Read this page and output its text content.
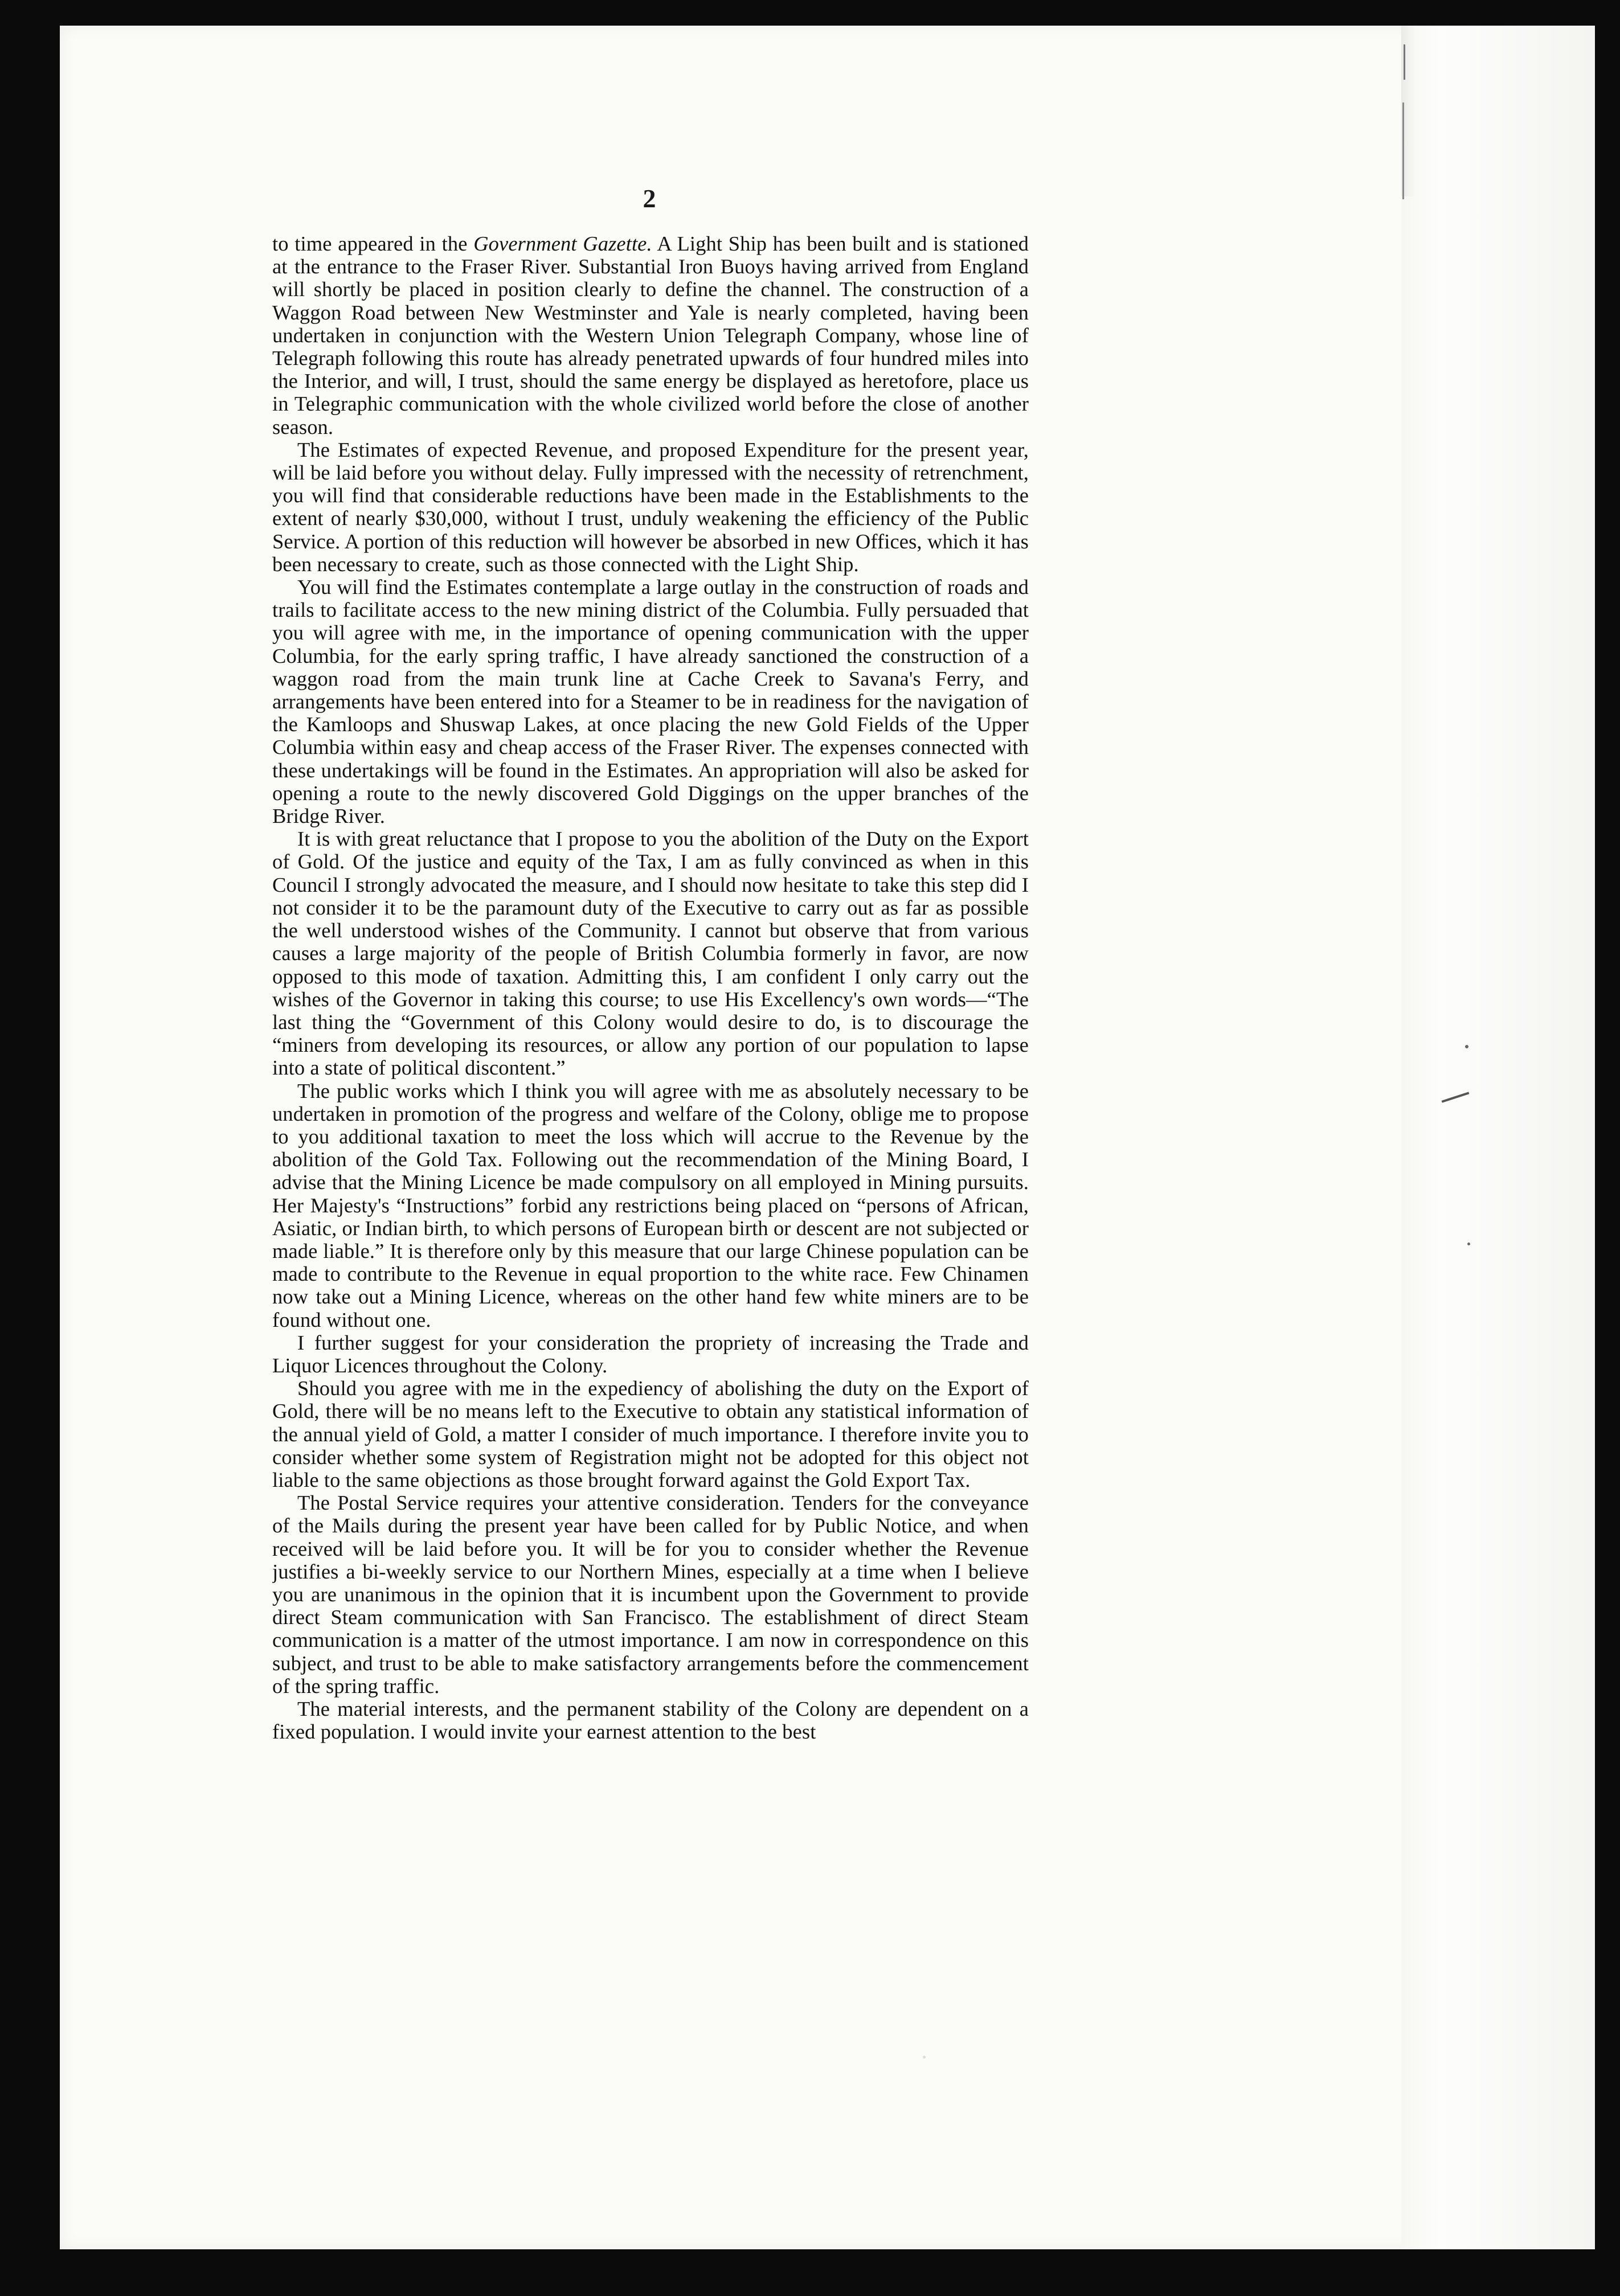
2

to time appeared in the Government Gazette. A Light Ship has been built and is stationed at the entrance to the Fraser River. Substantial Iron Buoys having arrived from England will shortly be placed in position clearly to define the channel. The construction of a Waggon Road between New Westminster and Yale is nearly completed, having been undertaken in conjunction with the Western Union Telegraph Company, whose line of Telegraph following this route has already penetrated upwards of four hundred miles into the Interior, and will, I trust, should the same energy be displayed as heretofore, place us in Telegraphic communication with the whole civilized world before the close of another season.

The Estimates of expected Revenue, and proposed Expenditure for the present year, will be laid before you without delay. Fully impressed with the necessity of retrenchment, you will find that considerable reductions have been made in the Establishments to the extent of nearly $30,000, without I trust, unduly weakening the efficiency of the Public Service. A portion of this reduction will however be absorbed in new Offices, which it has been necessary to create, such as those connected with the Light Ship.

You will find the Estimates contemplate a large outlay in the construction of roads and trails to facilitate access to the new mining district of the Columbia. Fully persuaded that you will agree with me, in the importance of opening communication with the upper Columbia, for the early spring traffic, I have already sanctioned the construction of a waggon road from the main trunk line at Cache Creek to Savana's Ferry, and arrangements have been entered into for a Steamer to be in readiness for the navigation of the Kamloops and Shuswap Lakes, at once placing the new Gold Fields of the Upper Columbia within easy and cheap access of the Fraser River. The expenses connected with these undertakings will be found in the Estimates. An appropriation will also be asked for opening a route to the newly discovered Gold Diggings on the upper branches of the Bridge River.

It is with great reluctance that I propose to you the abolition of the Duty on the Export of Gold. Of the justice and equity of the Tax, I am as fully convinced as when in this Council I strongly advocated the measure, and I should now hesitate to take this step did I not consider it to be the paramount duty of the Executive to carry out as far as possible the well understood wishes of the Community. I cannot but observe that from various causes a large majority of the people of British Columbia formerly in favor, are now opposed to this mode of taxation. Admitting this, I am confident I only carry out the wishes of the Governor in taking this course; to use His Excellency's own words—“The last thing the “Government of this Colony would desire to do, is to discourage the “miners from developing its resources, or allow any portion of our population to lapse into a state of political discontent.”

The public works which I think you will agree with me as absolutely necessary to be undertaken in promotion of the progress and welfare of the Colony, oblige me to propose to you additional taxation to meet the loss which will accrue to the Revenue by the abolition of the Gold Tax. Following out the recommendation of the Mining Board, I advise that the Mining Licence be made compulsory on all employed in Mining pursuits. Her Majesty's “Instructions” forbid any restrictions being placed on “persons of African, Asiatic, or Indian birth, to which persons of European birth or descent are not subjected or made liable.” It is therefore only by this measure that our large Chinese population can be made to contribute to the Revenue in equal proportion to the white race. Few Chinamen now take out a Mining Licence, whereas on the other hand few white miners are to be found without one.

I further suggest for your consideration the propriety of increasing the Trade and Liquor Licences throughout the Colony.

Should you agree with me in the expediency of abolishing the duty on the Export of Gold, there will be no means left to the Executive to obtain any statistical information of the annual yield of Gold, a matter I consider of much importance. I therefore invite you to consider whether some system of Registration might not be adopted for this object not liable to the same objections as those brought forward against the Gold Export Tax.

The Postal Service requires your attentive consideration. Tenders for the conveyance of the Mails during the present year have been called for by Public Notice, and when received will be laid before you. It will be for you to consider whether the Revenue justifies a bi-weekly service to our Northern Mines, especially at a time when I believe you are unanimous in the opinion that it is incumbent upon the Government to provide direct Steam communication with San Francisco. The establishment of direct Steam communication is a matter of the utmost importance. I am now in correspondence on this subject, and trust to be able to make satisfactory arrangements before the commencement of the spring traffic.

The material interests, and the permanent stability of the Colony are dependent on a fixed population. I would invite your earnest attention to the best
